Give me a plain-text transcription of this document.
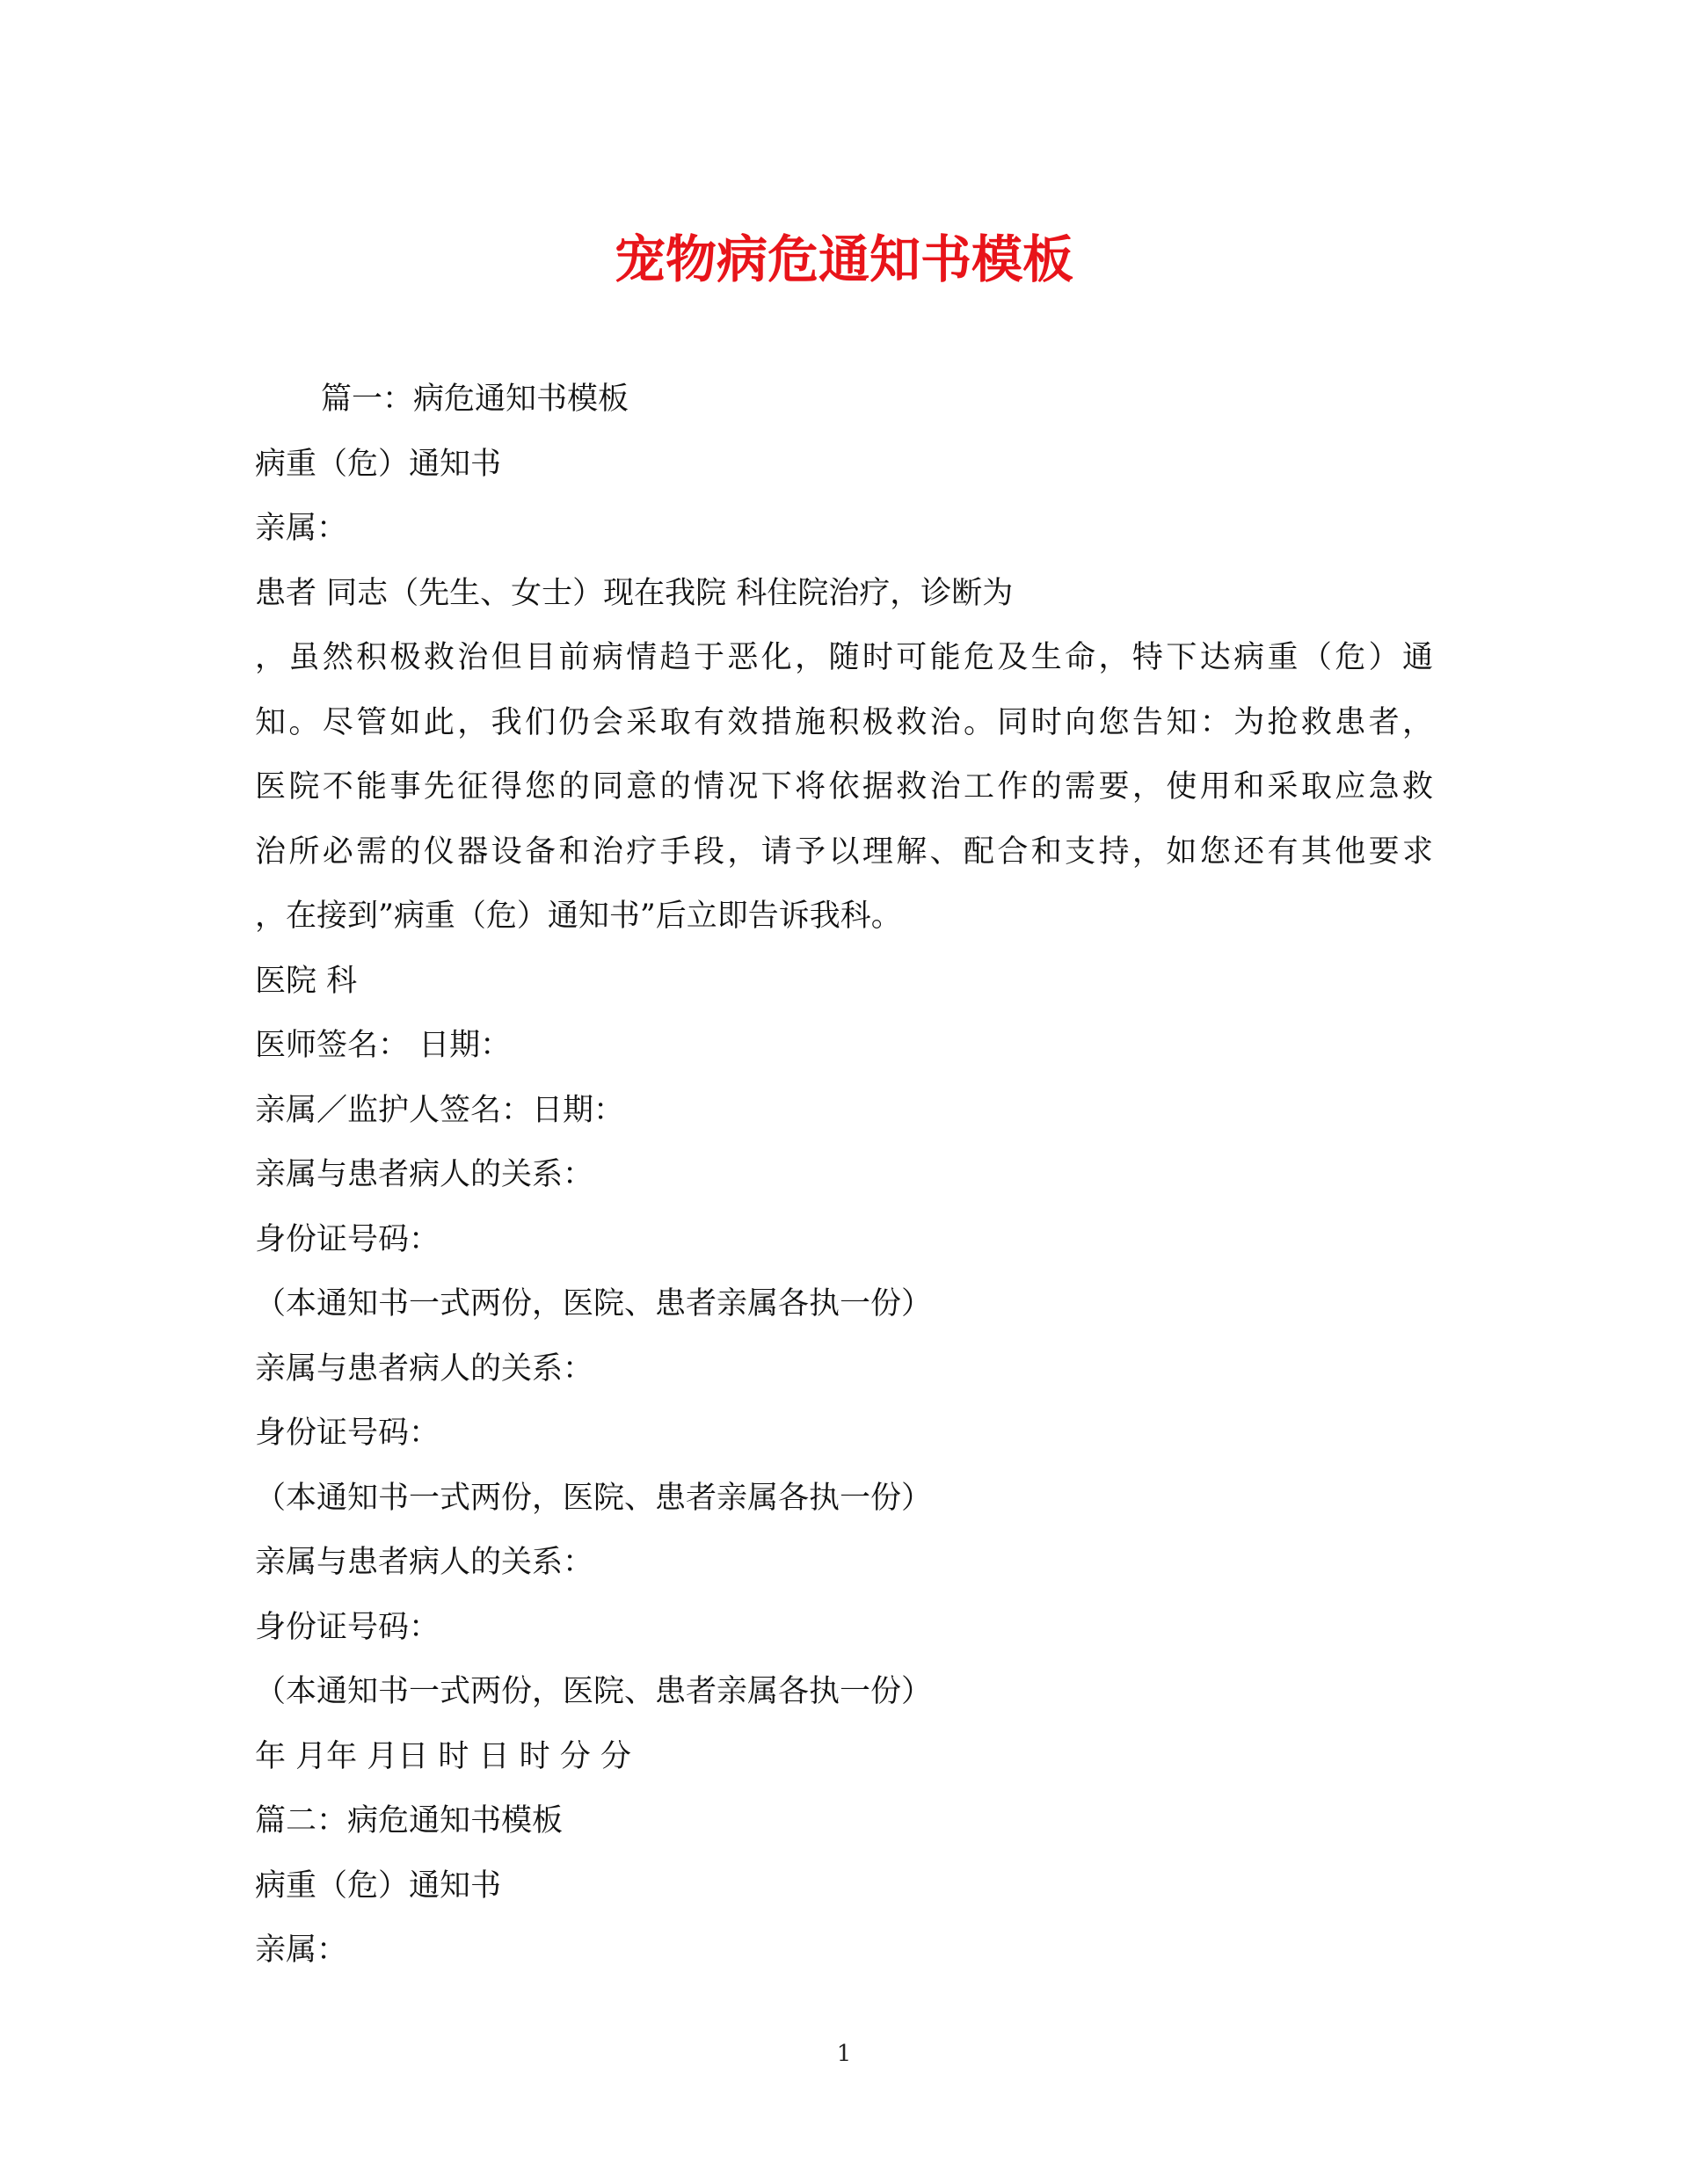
宠物病危通知书模板

篇一：病危通知书模板

病重（危）通知书

亲属：

患者 同志（先生、女士）现在我院 科住院治疗，诊断为

，虽然积极救治但目前病情趋于恶化，随时可能危及生命，特下达病重（危）通

知。尽管如此，我们仍会采取有效措施积极救治。同时向您告知：为抢救患者，

医院不能事先征得您的同意的情况下将依据救治工作的需要，使用和采取应急救

治所必需的仪器设备和治疗手段，请予以理解、配合和支持，如您还有其他要求

，在接到”病重（危）通知书”后立即告诉我科。

医院 科

医师签名： 日期：

亲属／监护人签名：日期：

亲属与患者病人的关系：

身份证号码：

（本通知书一式两份，医院、患者亲属各执一份）

亲属与患者病人的关系：

身份证号码：

（本通知书一式两份，医院、患者亲属各执一份）

亲属与患者病人的关系：

身份证号码：

（本通知书一式两份，医院、患者亲属各执一份）

年 月年 月日 时 日 时 分 分

篇二：病危通知书模板

病重（危）通知书

亲属：

1
